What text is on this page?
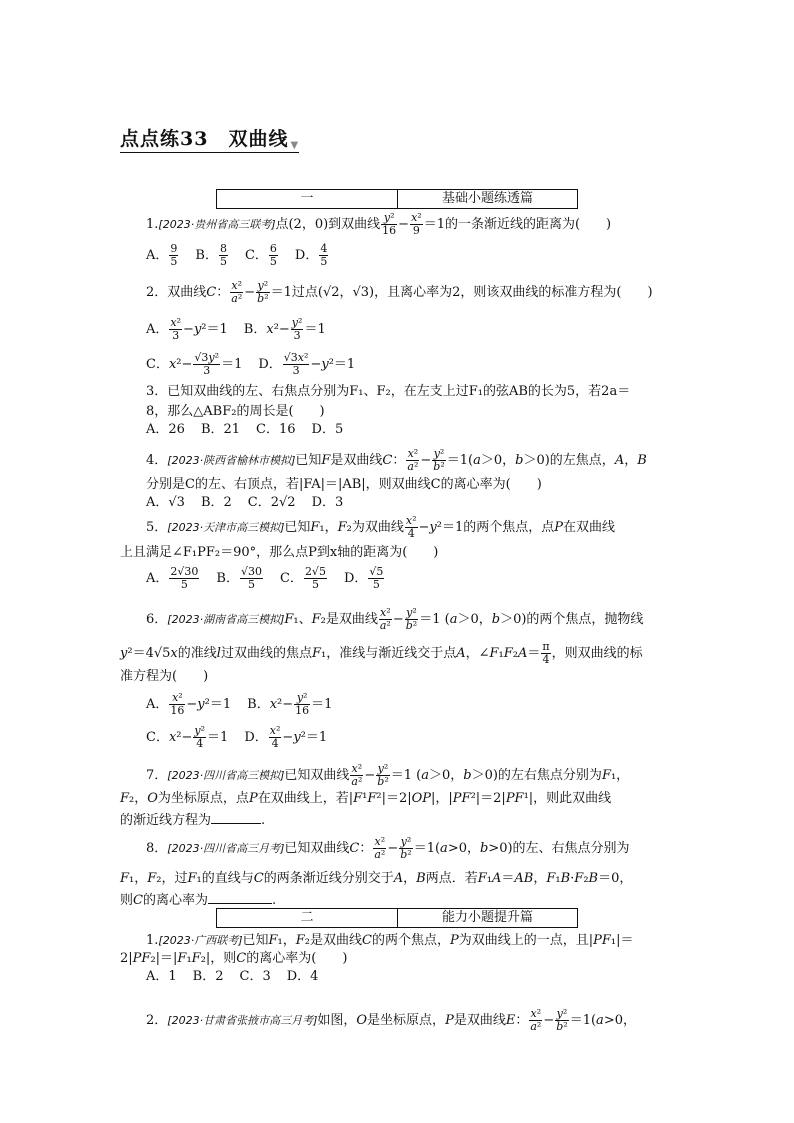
点点练33　双曲线 ▼
一	基础小题练透篇
1.[2023·贵州省高三联考]点(2，0)到双曲线 $\frac{\text{y²}}{16} - \frac{\text{x²}}{9} =1$的一条渐近线的距离为(　　)
A． $\frac{9}{5}$ B． $\frac{8}{5}$ C． $\frac{6}{5}$ D． $\frac{4}{5}$
2．双曲线C： $\frac{\text{x²}}{\text{a²}} - \frac{\text{y²}}{\text{b²}} =1$过点(√2，√3)，且离心率为2，则该双曲线的标准方程为(　　)
A． $\frac{\text{x²}}{3} -y^2=1$ B．$x^2- \frac{\text{y²}}{3} =1$
C．$x^2- \frac{\text{√3y²}}{3} =1$ D． $\frac{\text{√3x²}}{3} -y^2=1$
3．已知双曲线的左、右焦点分别为F₁、F₂，在左支上过F₁的弦AB的长为5，若2a＝
8，那么△ABF₂的周长是(　　)
A．26 B．21 C．16 D．5
4．[2023·陕西省榆林市模拟]已知F是双曲线C： $\frac{\text{x²}}{\text{a²}} - \frac{\text{y²}}{\text{b²}} =1(a>0$，b＞0)的左焦点，A，B
分别是C的左、右顶点，若|FA|＝|AB|，则双曲线C的离心率为(　　)
A．√3 B．2 C．2√2 D．3
5．[2023·天津市高三模拟]已知F₁，F₂为双曲线 $\frac{\text{x²}}{4} -y^2=1$的两个焦点，点P在双曲线
上且满足∠F₁PF₂＝90°，那么点P到x轴的距离为(　　)
A． $\frac{2√30}{5}$ B． $\frac{√30}{5}$ C． $\frac{2√5}{5}$ D． $\frac{√5}{5}$
6．[2023·湖南省高三模拟]F₁、F₂是双曲线 $\frac{\text{x²}}{\text{a²}} - \frac{\text{y²}}{\text{b²}} =1$ (a＞0，b＞0)的两个焦点，抛物线
y²＝4√5x的准线l过双曲线的焦点F₁，准线与渐近线交于点A，∠F₁F₂A＝ $\frac{\pi}{4}$ ，则双曲线的标
准方程为(　　)
A． $\frac{\text{x²}}{16} -y^2=1$ B．$x^2- \frac{\text{y²}}{16} =1$
C．$x^2- \frac{\text{y²}}{4} =1$ D． $\frac{\text{x²}}{4} -y^2=1$
7．[2023·四川省高三模拟]已知双曲线 $\frac{\text{x²}}{\text{a²}} - \frac{\text{y²}}{\text{b²}} =1$ (a＞0，b＞0)的左右焦点分别为F₁，
F₂，O为坐标原点，点P在双曲线上，若|F¹F²|＝2|OP|，|PF²|＝2|PF¹|，则此双曲线
的渐近线方程为	.
8．[2023·四川省高三月考]已知双曲线C： $\frac{\text{x²}}{\text{a²}} - \frac{\text{y²}}{\text{b²}} =1(a>0$，b>0)的左、右焦点分别为
F₁，F₂，过F₁的直线与C的两条渐近线分别交于A，B两点．若F₁A＝AB，F₁B·F₂B＝0，
则C的离心率为	.
二	能力小题提升篇
1.[2023·广西联考]已知F₁，F₂是双曲线C的两个焦点，P为双曲线上的一点，且|PF₁|＝
2|PF₂|＝|F₁F₂|，则C的离心率为(　　)
A．1 B．2 C．3 D．4
2．[2023·甘肃省张掖市高三月考]如图，O是坐标原点，P是双曲线E： $\frac{\text{x²}}{\text{a²}} - \frac{\text{y²}}{\text{b²}} =1(a>0$，
